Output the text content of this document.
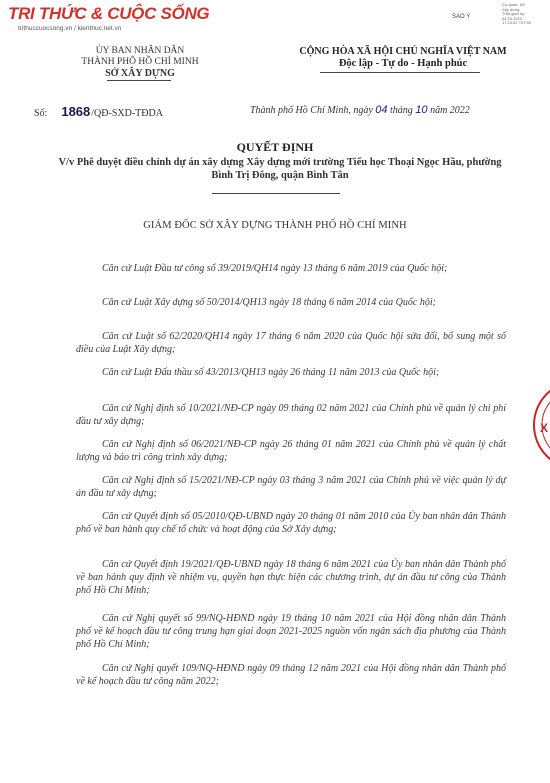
TRI THỨC & CUỘC SỐNG
trithuccuocsong.vn / kienthuc.net.vn
Co-quan: Sở
Xây dựng
Thời gian ký:
04.10.2022
17:23:52 +07:00
SAO Y
ỦY BAN NHÂN DÂN
THÀNH PHỐ HỒ CHÍ MINH
SỞ XÂY DỰNG
CỘNG HÒA XÃ HỘI CHỦ NGHĨA VIỆT NAM
Độc lập - Tự do - Hạnh phúc
Số: 1868/QĐ-SXD-TĐDA	Thành phố Hồ Chí Minh, ngày 04 tháng 10 năm 2022
QUYẾT ĐỊNH
V/v Phê duyệt điều chỉnh dự án xây dựng Xây dựng mới trường Tiểu học Thoại Ngọc Hầu, phường Bình Trị Đông, quận Bình Tân
GIÁM ĐỐC SỞ XÂY DỰNG THÀNH PHỐ HỒ CHÍ MINH
Căn cứ Luật Đầu tư công số 39/2019/QH14 ngày 13 tháng 6 năm 2019 của Quốc hội;
Căn cứ Luật Xây dựng số 50/2014/QH13 ngày 18 tháng 6 năm 2014 của Quốc hội;
Căn cứ Luật số 62/2020/QH14 ngày 17 tháng 6 năm 2020 của Quốc hội sửa đổi, bổ sung một số điều của Luật Xây dựng;
Căn cứ Luật Đấu thầu số 43/2013/QH13 ngày 26 tháng 11 năm 2013 của Quốc hội;
Căn cứ Nghị định số 10/2021/NĐ-CP ngày 09 tháng 02 năm 2021 của Chính phủ về quản lý chi phí đầu tư xây dựng;
Căn cứ Nghị định số 06/2021/NĐ-CP ngày 26 tháng 01 năm 2021 của Chính phủ về quản lý chất lượng và bảo trì công trình xây dựng;
Căn cứ Nghị định số 15/2021/NĐ-CP ngày 03 tháng 3 năm 2021 của Chính phủ về việc quản lý dự án đầu tư xây dựng;
Căn cứ Quyết định số 05/2010/QĐ-UBND ngày 20 tháng 01 năm 2010 của Ủy ban nhân dân Thành phố về ban hành quy chế tổ chức và hoạt động của Sở Xây dựng;
Căn cứ Quyết định 19/2021/QĐ-UBND ngày 18 tháng 6 năm 2021 của Ủy ban nhân dân Thành phố về ban hành quy định về nhiệm vụ, quyền hạn thực hiện các chương trình, dự án đầu tư công của Thành phố Hồ Chí Minh;
Căn cứ Nghị quyết số 99/NQ-HĐND ngày 19 tháng 10 năm 2021 của Hội đồng nhân dân Thành phố về kế hoạch đầu tư công trung hạn giai đoạn 2021-2025 nguồn vốn ngân sách địa phương của Thành phố Hồ Chí Minh;
Căn cứ Nghị quyết 109/NQ-HĐND ngày 09 tháng 12 năm 2021 của Hội đồng nhân dân Thành phố về kế hoạch đầu tư công năm 2022;
X
